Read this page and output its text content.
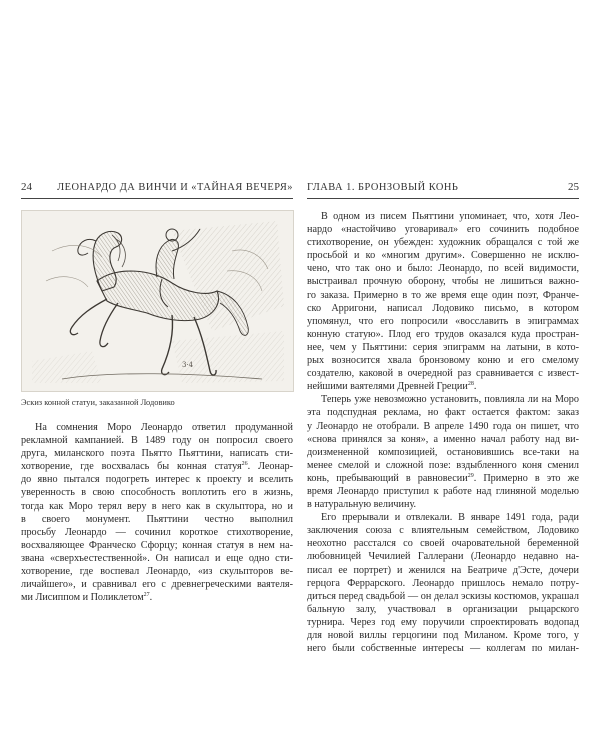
24 ЛЕОНАРДО ДА ВИНЧИ И «ТАЙНАЯ ВЕЧЕРЯ» ГЛАВА 1. БРОНЗОВЫЙ КОНЬ	25
3·4
Эскиз конной статуи, заказанной Лодовико
На сомнения Моро Леонардо ответил продуманной
рекламной кампанией. В 1489 году он попросил своего
друга, миланского поэта Пьятто Пьяттини, написать сти-
хотворение, где восхвалась бы конная статуя$^{26}$. Леонар-
до явно пытался подогреть интерес к проекту и вселить
уверенность в свою способность воплотить его в жизнь,
тогда как Моро терял веру в него как в скульптора, но и
в своего монумент. Пьяттини честно выполнил
просьбу Леонардо — сочинил короткое стихотворение,
восхваляющее Франческо Сфорцу; конная статуя в нем на-
звана «сверхъестественной». Он написал и еще одно сти-
хотворение, где воспевал Леонардо, «из скульпторов ве-
личайшего», и сравнивал его с древнегреческими ваятеля-
ми Лисиппом и Поликлетом$^{27}$.
В одном из писем Пьяттини упоминает, что, хотя Лео-
нардо «настойчиво уговаривал» его сочинить подобное
стихотворение, он убежден: художник обращался с той же
просьбой и ко «многим другим». Совершенно не исклю-
чено, что так оно и было: Леонардо, по всей видимости,
выстраивал прочную оборону, чтобы не лишиться важно-
го заказа. Примерно в то же время еще один поэт, Франче-
ско Арригони, написал Лодовико письмо, в котором
упомянул, что его попросили «восславить в эпиграммах
конную статую». Плод его трудов оказался куда простран-
нее, чем у Пьяттини: серия эпиграмм на латыни, в кото-
рых возносится хвала бронзовому коню и его смелому
создателю, каковой в очередной раз сравнивается с извест-
нейшими ваятелями Древней Греции$^{28}$.
Теперь уже невозможно установить, повлияла ли на Моро
эта подспудная реклама, но факт остается фактом: заказ
у Леонардо не отобрали. В апреле 1490 года он пишет, что
«снова принялся за коня», а именно начал работу над ви-
доизмененной композицией, остановившись все-таки на
менее смелой и сложной позе: вздыбленного коня сменил
конь, пребывающий в равновесии$^{29}$. Примерно в это же
время Леонардо приступил к работе над глиняной моделью
в натуральную величину.
Его прерывали и отвлекали. В январе 1491 года, ради
заключения союза с влиятельным семейством, Лодовико
неохотно расстался со своей очаровательной беременной
любовницей Чечилией Галлерани (Леонардо недавно на-
писал ее портрет) и женился на Беатриче д'Эсте, дочери
герцога Феррарского. Леонардо пришлось немало потру-
диться перед свадьбой — он делал эскизы костюмов, украшал
бальную залу, участвовал в организации рыцарского
турнира. Через год ему поручили спроектировать водопад
для новой виллы герцогини под Миланом. Кроме того, у
него были собственные интересы — коллегам по милан-
